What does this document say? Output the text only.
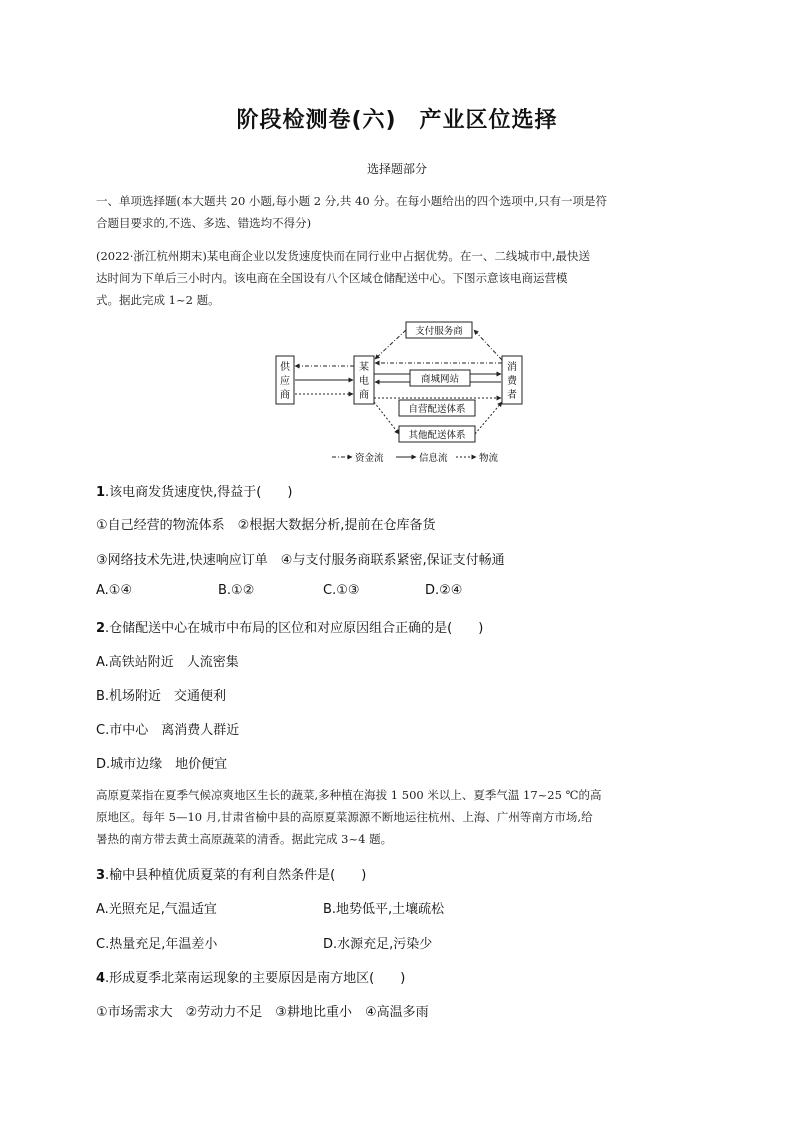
阶段检测卷(六)　产业区位选择
选择题部分
一、单项选择题(本大题共 20 小题,每小题 2 分,共 40 分。在每小题给出的四个选项中,只有一项是符
合题目要求的,不选、多选、错选均不得分)
(2022·浙江杭州期末)某电商企业以发货速度快而在同行业中占据优势。在一、二线城市中,最快送
达时间为下单后三小时内。该电商在全国设有八个区域仓储配送中心。下图示意该电商运营模
式。据此完成 1~2 题。
供
应
商
某
电
商
消
费
者
支付服务商
商城网站
自营配送体系
其他配送体系
资金流	信息流	物流
1.该电商发货速度快,得益于(　　)
①自己经营的物流体系　②根据大数据分析,提前在仓库备货
③网络技术先进,快速响应订单　④与支付服务商联系紧密,保证支付畅通
A.①④	B.①②	C.①③	D.②④
2.仓储配送中心在城市中布局的区位和对应原因组合正确的是(　　)
A.高铁站附近　人流密集
B.机场附近　交通便利
C.市中心　离消费人群近
D.城市边缘　地价便宜
高原夏菜指在夏季气候凉爽地区生长的蔬菜,多种植在海拔 1 500 米以上、夏季气温 17~25 ℃的高
原地区。每年 5—10 月,甘肃省榆中县的高原夏菜源源不断地运往杭州、上海、广州等南方市场,给
暑热的南方带去黄土高原蔬菜的清香。据此完成 3~4 题。
3.榆中县种植优质夏菜的有利自然条件是(　　)
A.光照充足,气温适宜	B.地势低平,土壤疏松
C.热量充足,年温差小	D.水源充足,污染少
4.形成夏季北菜南运现象的主要原因是南方地区(　　)
①市场需求大　②劳动力不足　③耕地比重小　④高温多雨
